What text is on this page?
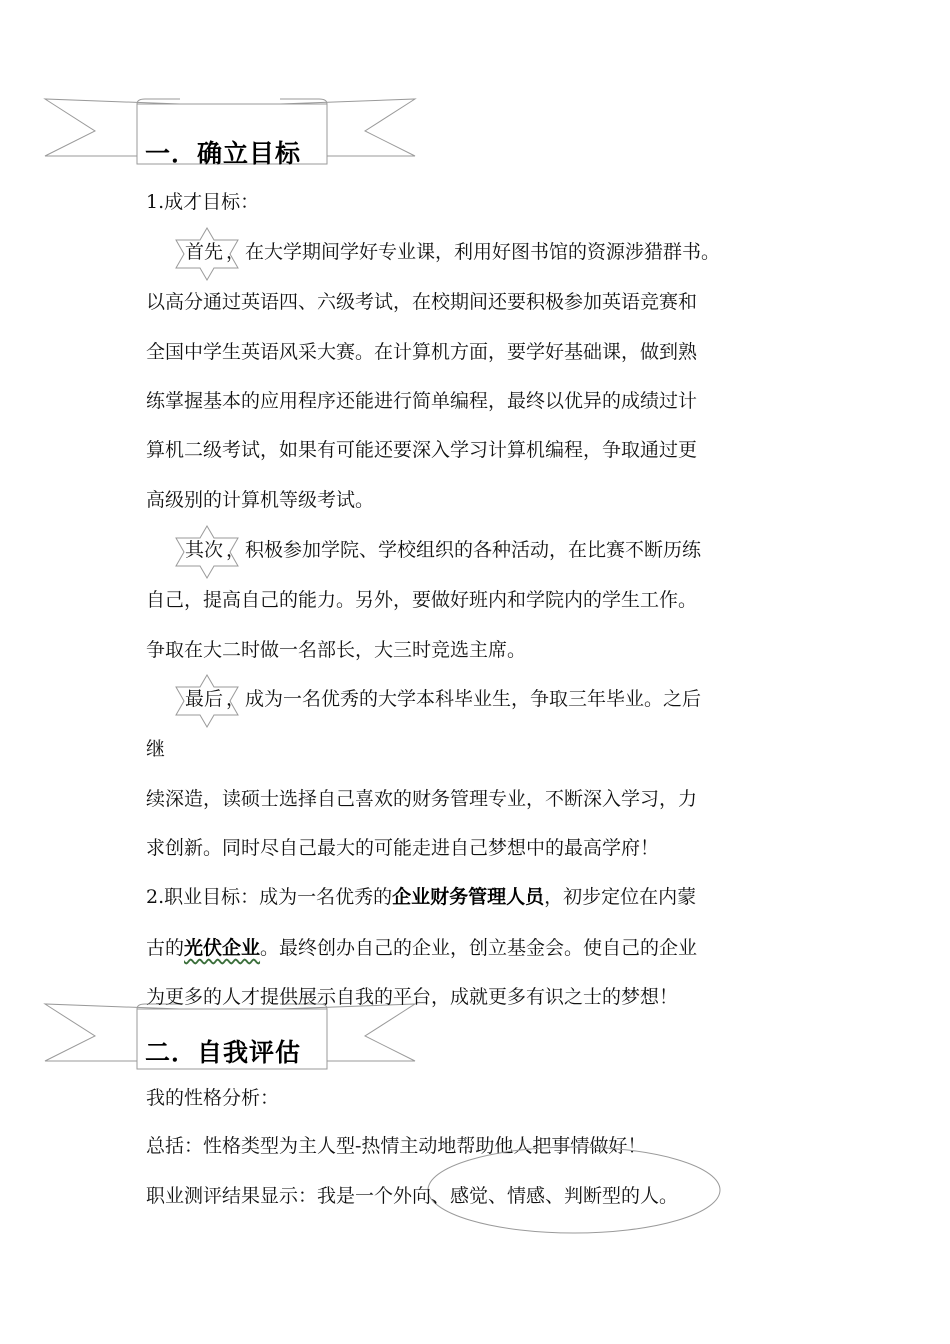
一．确立目标
1.成才目标：
首先 ，在大学期间学好专业课，利用好图书馆的资源涉猎群书。
以高分通过英语四、六级考试，在校期间还要积极参加英语竞赛和
全国中学生英语风采大赛。在计算机方面，要学好基础课，做到熟
练掌握基本的应用程序还能进行简单编程，最终以优异的成绩过计
算机二级考试，如果有可能还要深入学习计算机编程，争取通过更
高级别的计算机等级考试。
其次 ，积极参加学院、学校组织的各种活动，在比赛不断历练
自己，提高自己的能力。另外，要做好班内和学院内的学生工作。
争取在大二时做一名部长，大三时竞选主席。
最后 ，成为一名优秀的大学本科毕业生，争取三年毕业。之后
继
续深造，读硕士选择自己喜欢的财务管理专业，不断深入学习，力
求创新。同时尽自己最大的可能走进自己梦想中的最高学府！
2.职业目标：成为一名优秀的企业财务管理人员，初步定位在内蒙
古的光伏企业。最终创办自己的企业，创立基金会。使自己的企业
二．自我评估
为更多的人才提供展示自我的平台，成就更多有识之士的梦想！
我的性格分析：
总括：性格类型为主人型-热情主动地帮助他人把事情做好！
职业测评结果显示：我是一个外向、感觉、情感、判断型的人。
